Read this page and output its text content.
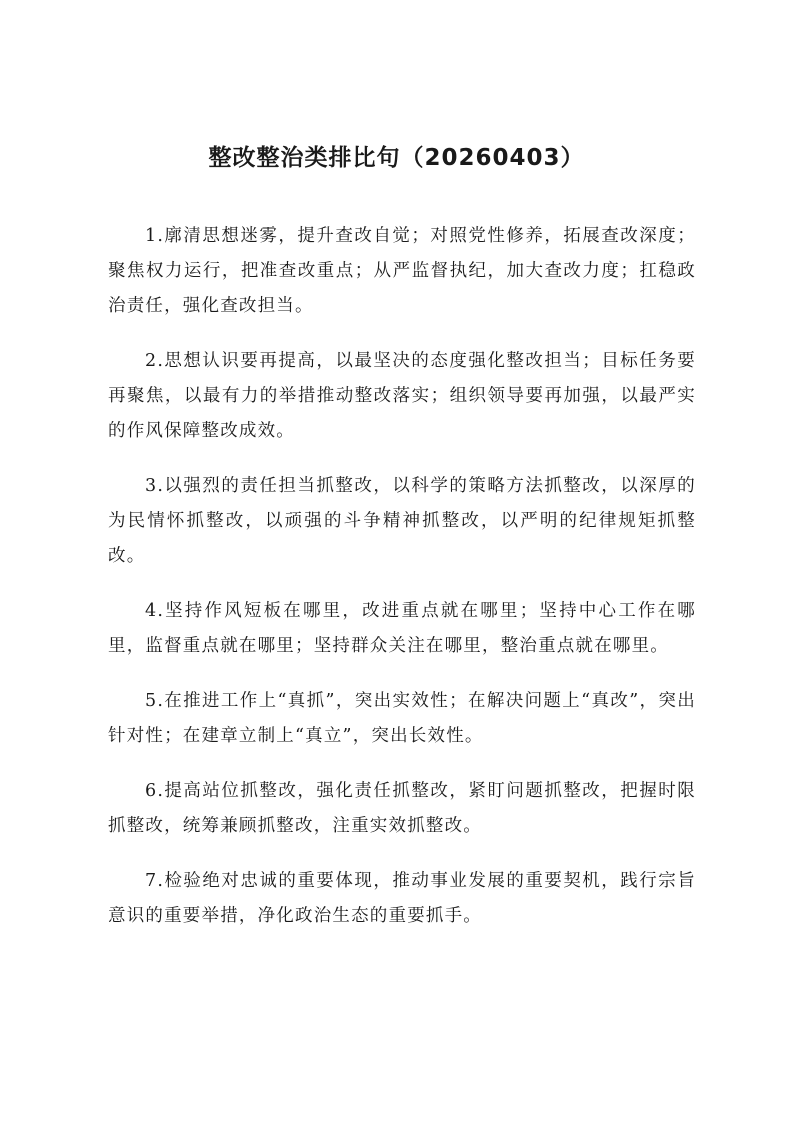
整改整治类排比句（20260403）

1.廓清思想迷雾，提升查改自觉；对照党性修养，拓展查改深度；聚焦权力运行，把准查改重点；从严监督执纪，加大查改力度；扛稳政治责任，强化查改担当。

2.思想认识要再提高，以最坚决的态度强化整改担当；目标任务要再聚焦，以最有力的举措推动整改落实；组织领导要再加强，以最严实的作风保障整改成效。

3.以强烈的责任担当抓整改，以科学的策略方法抓整改，以深厚的为民情怀抓整改，以顽强的斗争精神抓整改，以严明的纪律规矩抓整改。

4.坚持作风短板在哪里，改进重点就在哪里；坚持中心工作在哪里，监督重点就在哪里；坚持群众关注在哪里，整治重点就在哪里。

5.在推进工作上“真抓”，突出实效性；在解决问题上“真改”，突出针对性；在建章立制上“真立”，突出长效性。

6.提高站位抓整改，强化责任抓整改，紧盯问题抓整改，把握时限抓整改，统筹兼顾抓整改，注重实效抓整改。

7.检验绝对忠诚的重要体现，推动事业发展的重要契机，践行宗旨意识的重要举措，净化政治生态的重要抓手。
